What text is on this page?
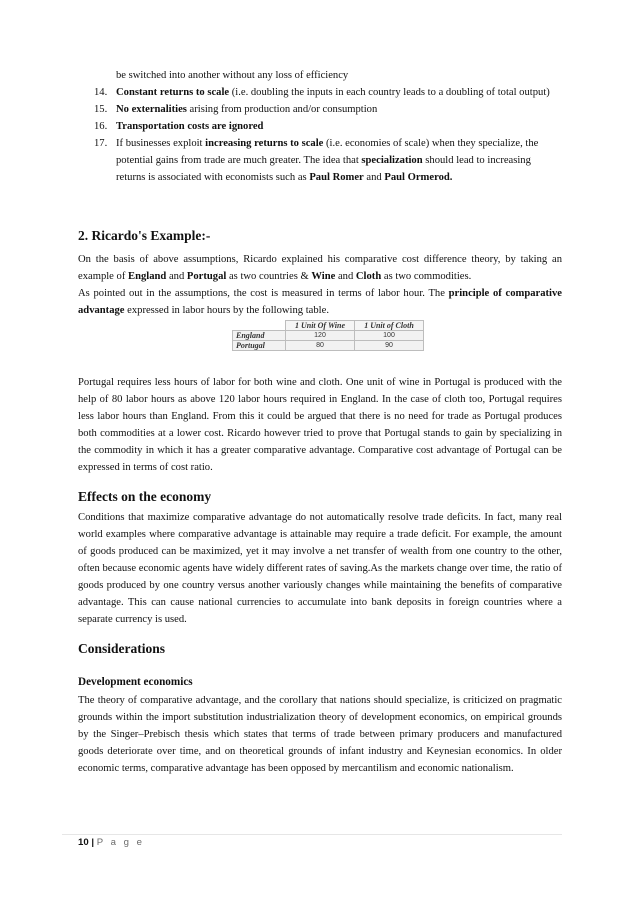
be switched into another without any loss of efficiency
14. Constant returns to scale (i.e. doubling the inputs in each country leads to a doubling of total output)
15. No externalities arising from production and/or consumption
16. Transportation costs are ignored
17. If businesses exploit increasing returns to scale (i.e. economies of scale) when they specialize, the potential gains from trade are much greater. The idea that specialization should lead to increasing returns is associated with economists such as Paul Romer and Paul Ormerod.
2. Ricardo's Example:-

On the basis of above assumptions, Ricardo explained his comparative cost difference theory, by taking an example of England and Portugal as two countries & Wine and Cloth as two commodities.

As pointed out in the assumptions, the cost is measured in terms of labor hour. The principle of comparative advantage expressed in labor hours by the following table.

	1 Unit Of Wine	1 Unit of Cloth
England	120	100
Portugal	80	90

Portugal requires less hours of labor for both wine and cloth. One unit of wine in Portugal is produced with the help of 80 labor hours as above 120 labor hours required in England. In the case of cloth too, Portugal requires less labor hours than England. From this it could be argued that there is no need for trade as Portugal produces both commodities at a lower cost. Ricardo however tried to prove that Portugal stands to gain by specializing in the commodity in which it has a greater comparative advantage. Comparative cost advantage of Portugal can be expressed in terms of cost ratio.

Effects on the economy

Conditions that maximize comparative advantage do not automatically resolve trade deficits. In fact, many real world examples where comparative advantage is attainable may require a trade deficit. For example, the amount of goods produced can be maximized, yet it may involve a net transfer of wealth from one country to the other, often because economic agents have widely different rates of saving.As the markets change over time, the ratio of goods produced by one country versus another variously changes while maintaining the benefits of comparative advantage. This can cause national currencies to accumulate into bank deposits in foreign countries where a separate currency is used.

Considerations
Development economics

The theory of comparative advantage, and the corollary that nations should specialize, is criticized on pragmatic grounds within the import substitution industrialization theory of development economics, on empirical grounds by the Singer–Prebisch thesis which states that terms of trade between primary producers and manufactured goods deteriorate over time, and on theoretical grounds of infant industry and Keynesian economics. In older economic terms, comparative advantage has been opposed by mercantilism and economic nationalism.

10 | P a g e
